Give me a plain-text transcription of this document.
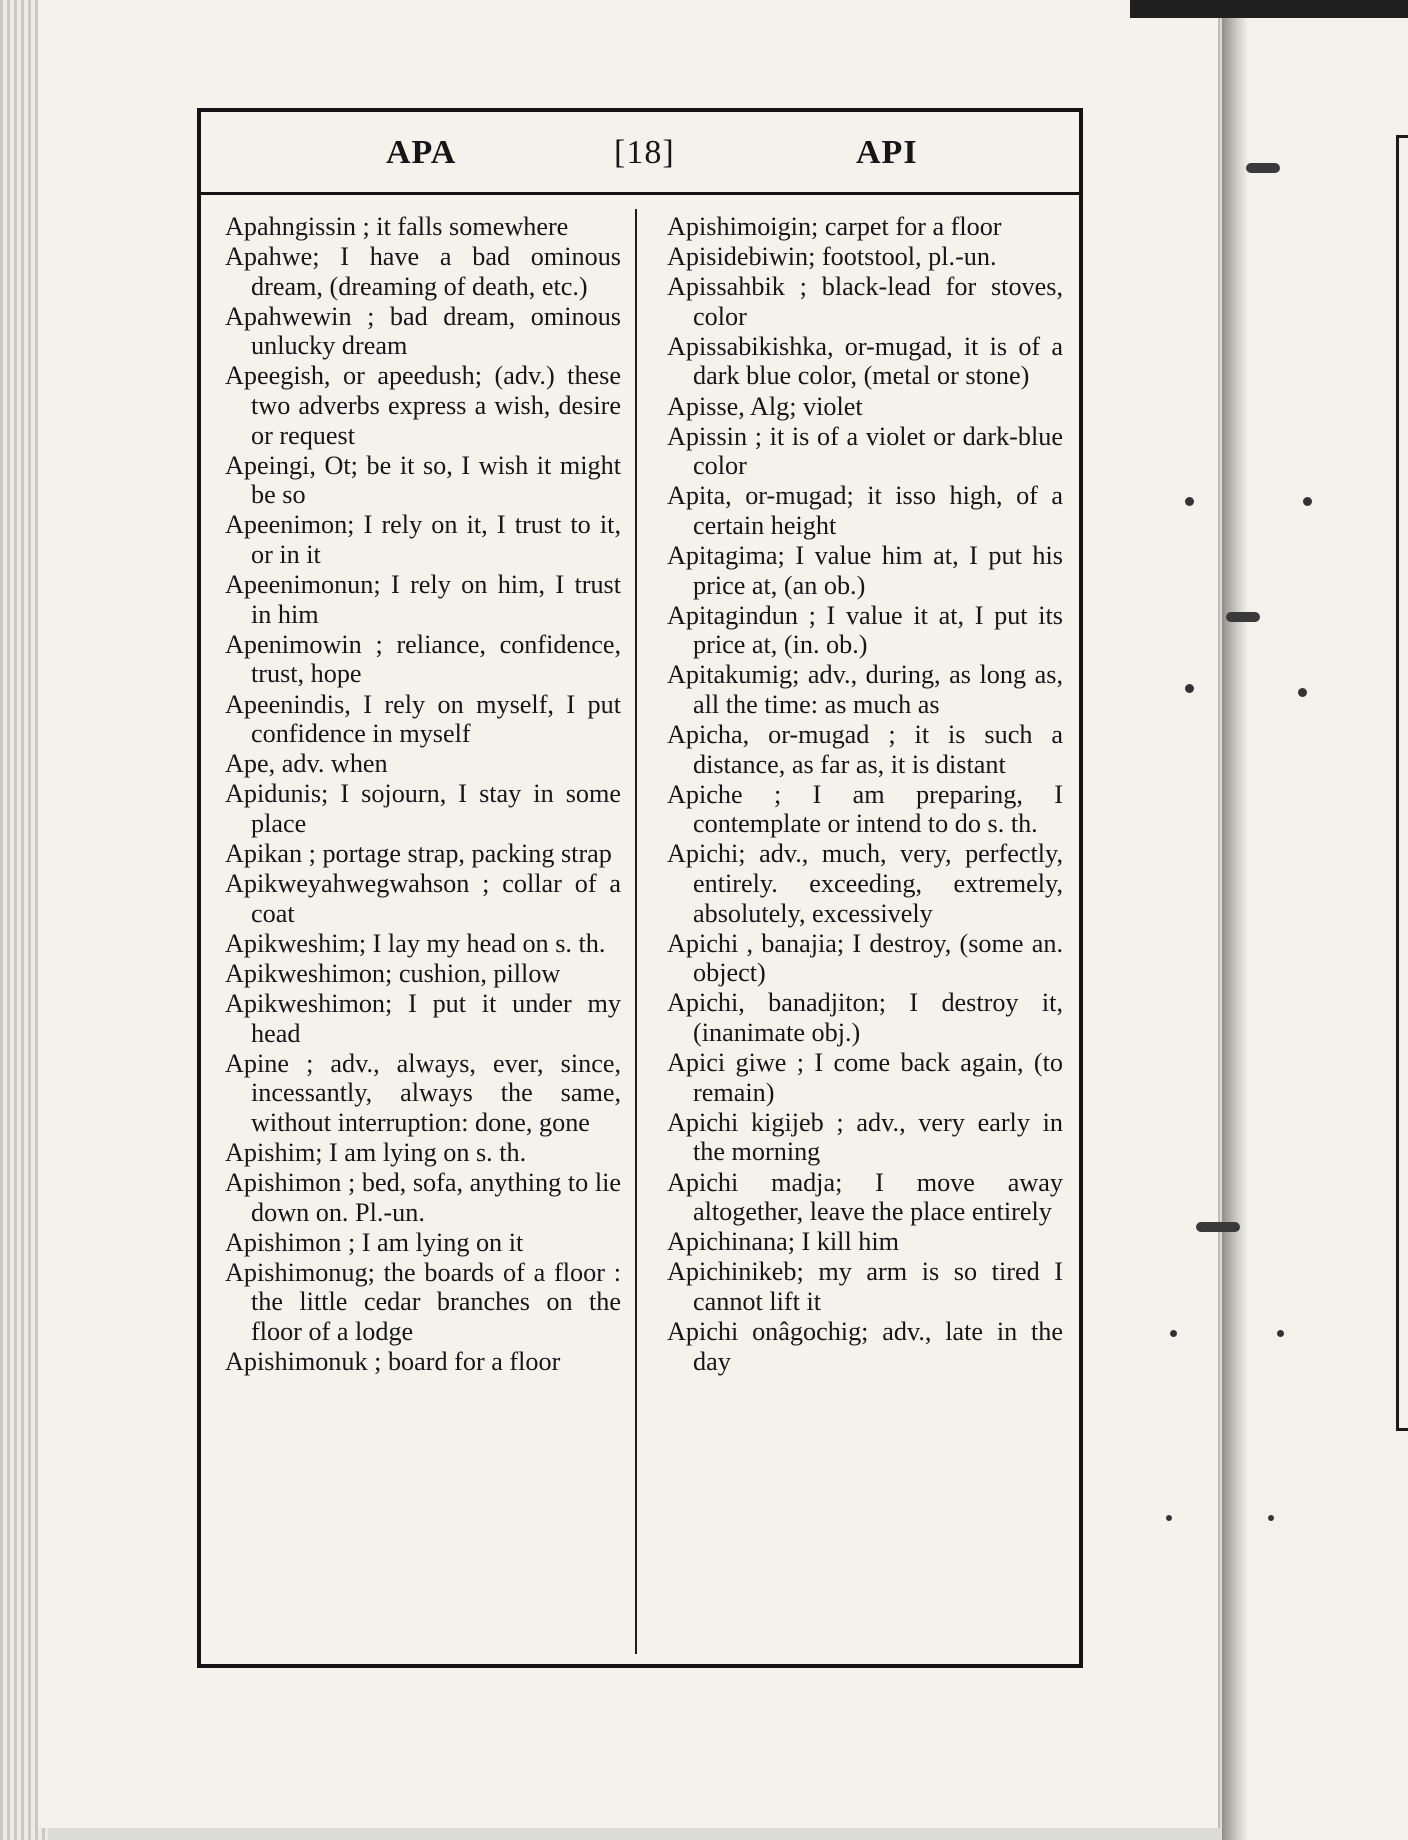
APA	[18]	API

Apahngissin ; it falls somewhere

Apahwe; I have a bad ominous dream, (dreaming of death, etc.)

Apahwewin ; bad dream, ominous unlucky dream

Apeegish, or apeedush; (adv.) these two adverbs express a wish, desire or request

Apeingi, Ot; be it so, I wish it might be so

Apeenimon; I rely on it, I trust to it, or in it

Apeenimonun; I rely on him, I trust in him

Apenimowin ; reliance, confidence, trust, hope

Apeenindis, I rely on myself, I put confidence in myself

Ape, adv. when

Apidunis; I sojourn, I stay in some place

Apikan ; portage strap, packing strap

Apikweyahwegwahson ; collar of a coat

Apikweshim; I lay my head on s. th.

Apikweshimon; cushion, pillow

Apikweshimon; I put it under my head

Apine ; adv., always, ever, since, incessantly, always the same, without interruption: done, gone

Apishim; I am lying on s. th.

Apishimon ; bed, sofa, anything to lie down on. Pl.-un.

Apishimon ; I am lying on it

Apishimonug; the boards of a floor : the little cedar branches on the floor of a lodge

Apishimonuk ; board for a floor

Apishimoigin; carpet for a floor

Apisidebiwin; footstool, pl.-un.

Apissahbik ; black-lead for stoves, color

Apissabikishka, or-mugad, it is of a dark blue color, (metal or stone)

Apisse, Alg; violet

Apissin ; it is of a violet or dark-blue color

Apita, or-mugad; it isso high, of a certain height

Apitagima; I value him at, I put his price at, (an ob.)

Apitagindun ; I value it at, I put its price at, (in. ob.)

Apitakumig; adv., during, as long as, all the time: as much as

Apicha, or-mugad ; it is such a distance, as far as, it is distant

Apiche ; I am preparing, I contemplate or intend to do s. th.

Apichi; adv., much, very, perfectly, entirely. exceeding, extremely, absolutely, excessively

Apichi , banajia; I destroy, (some an. object)

Apichi, banadjiton; I destroy it, (inanimate obj.)

Apici giwe ; I come back again, (to remain)

Apichi kigijeb ; adv., very early in the morning

Apichi madja; I move away altogether, leave the place entirely

Apichinana; I kill him

Apichinikeb; my arm is so tired I cannot lift it

Apichi onâgochig; adv., late in the day
